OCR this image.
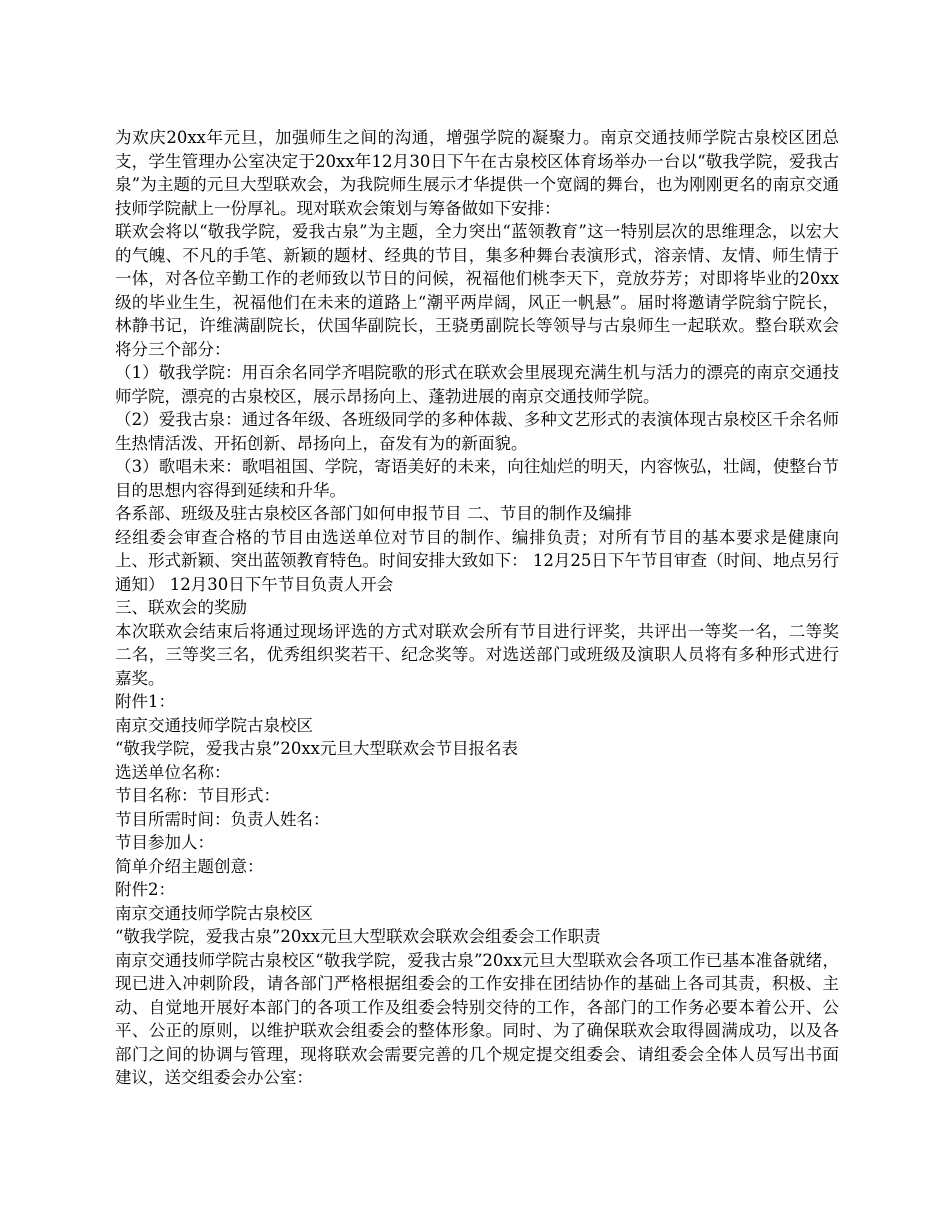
为欢庆20xx年元旦，加强师生之间的沟通，增强学院的凝聚力。南京交通技师学院古泉校区团总支，学生管理办公室决定于20xx年12月30日下午在古泉校区体育场举办一台以“敬我学院，爱我古泉”为主题的元旦大型联欢会，为我院师生展示才华提供一个宽阔的舞台，也为刚刚更名的南京交通技师学院献上一份厚礼。现对联欢会策划与筹备做如下安排：

联欢会将以“敬我学院，爱我古泉”为主题，全力突出“蓝领教育”这一特别层次的思维理念，以宏大的气魄、不凡的手笔、新颖的题材、经典的节目，集多种舞台表演形式，溶亲情、友情、师生情于一体，对各位辛勤工作的老师致以节日的问候，祝福他们桃李天下，竞放芬芳；对即将毕业的20xx级的毕业生生，祝福他们在未来的道路上“潮平两岸阔，风正一帆悬”。届时将邀请学院翁宁院长，林静书记，许维满副院长，伏国华副院长，王骁勇副院长等领导与古泉师生一起联欢。整台联欢会将分三个部分：

（1）敬我学院：用百余名同学齐唱院歌的形式在联欢会里展现充满生机与活力的漂亮的南京交通技师学院，漂亮的古泉校区，展示昂扬向上、蓬勃进展的南京交通技师学院。

（2）爱我古泉：通过各年级、各班级同学的多种体裁、多种文艺形式的表演体现古泉校区千余名师生热情活泼、开拓创新、昂扬向上，奋发有为的新面貌。

（3）歌唱未来：歌唱祖国、学院，寄语美好的未来，向往灿烂的明天，内容恢弘，壮阔，使整台节目的思想内容得到延续和升华。

各系部、班级及驻古泉校区各部门如何申报节目 二、节目的制作及编排

经组委会审查合格的节目由选送单位对节目的制作、编排负责；对所有节目的基本要求是健康向上、形式新颖、突出蓝领教育特色。时间安排大致如下： 12月25日下午节目审查（时间、地点另行通知） 12月30日下午节目负责人开会

三、联欢会的奖励

本次联欢会结束后将通过现场评选的方式对联欢会所有节目进行评奖，共评出一等奖一名，二等奖二名，三等奖三名，优秀组织奖若干、纪念奖等。对选送部门或班级及演职人员将有多种形式进行嘉奖。

附件1：

南京交通技师学院古泉校区

“敬我学院，爱我古泉”20xx元旦大型联欢会节目报名表

选送单位名称：

节目名称：节目形式：

节目所需时间：负责人姓名：

节目参加人：

简单介绍主题创意：

附件2：

南京交通技师学院古泉校区

“敬我学院，爱我古泉”20xx元旦大型联欢会联欢会组委会工作职责

南京交通技师学院古泉校区“敬我学院，爱我古泉”20xx元旦大型联欢会各项工作已基本准备就绪，现已进入冲刺阶段，请各部门严格根据组委会的工作安排在团结协作的基础上各司其责，积极、主动、自觉地开展好本部门的各项工作及组委会特别交待的工作，各部门的工作务必要本着公开、公平、公正的原则，以维护联欢会组委会的整体形象。同时、为了确保联欢会取得圆满成功，以及各部门之间的协调与管理，现将联欢会需要完善的几个规定提交组委会、请组委会全体人员写出书面建议，送交组委会办公室：
